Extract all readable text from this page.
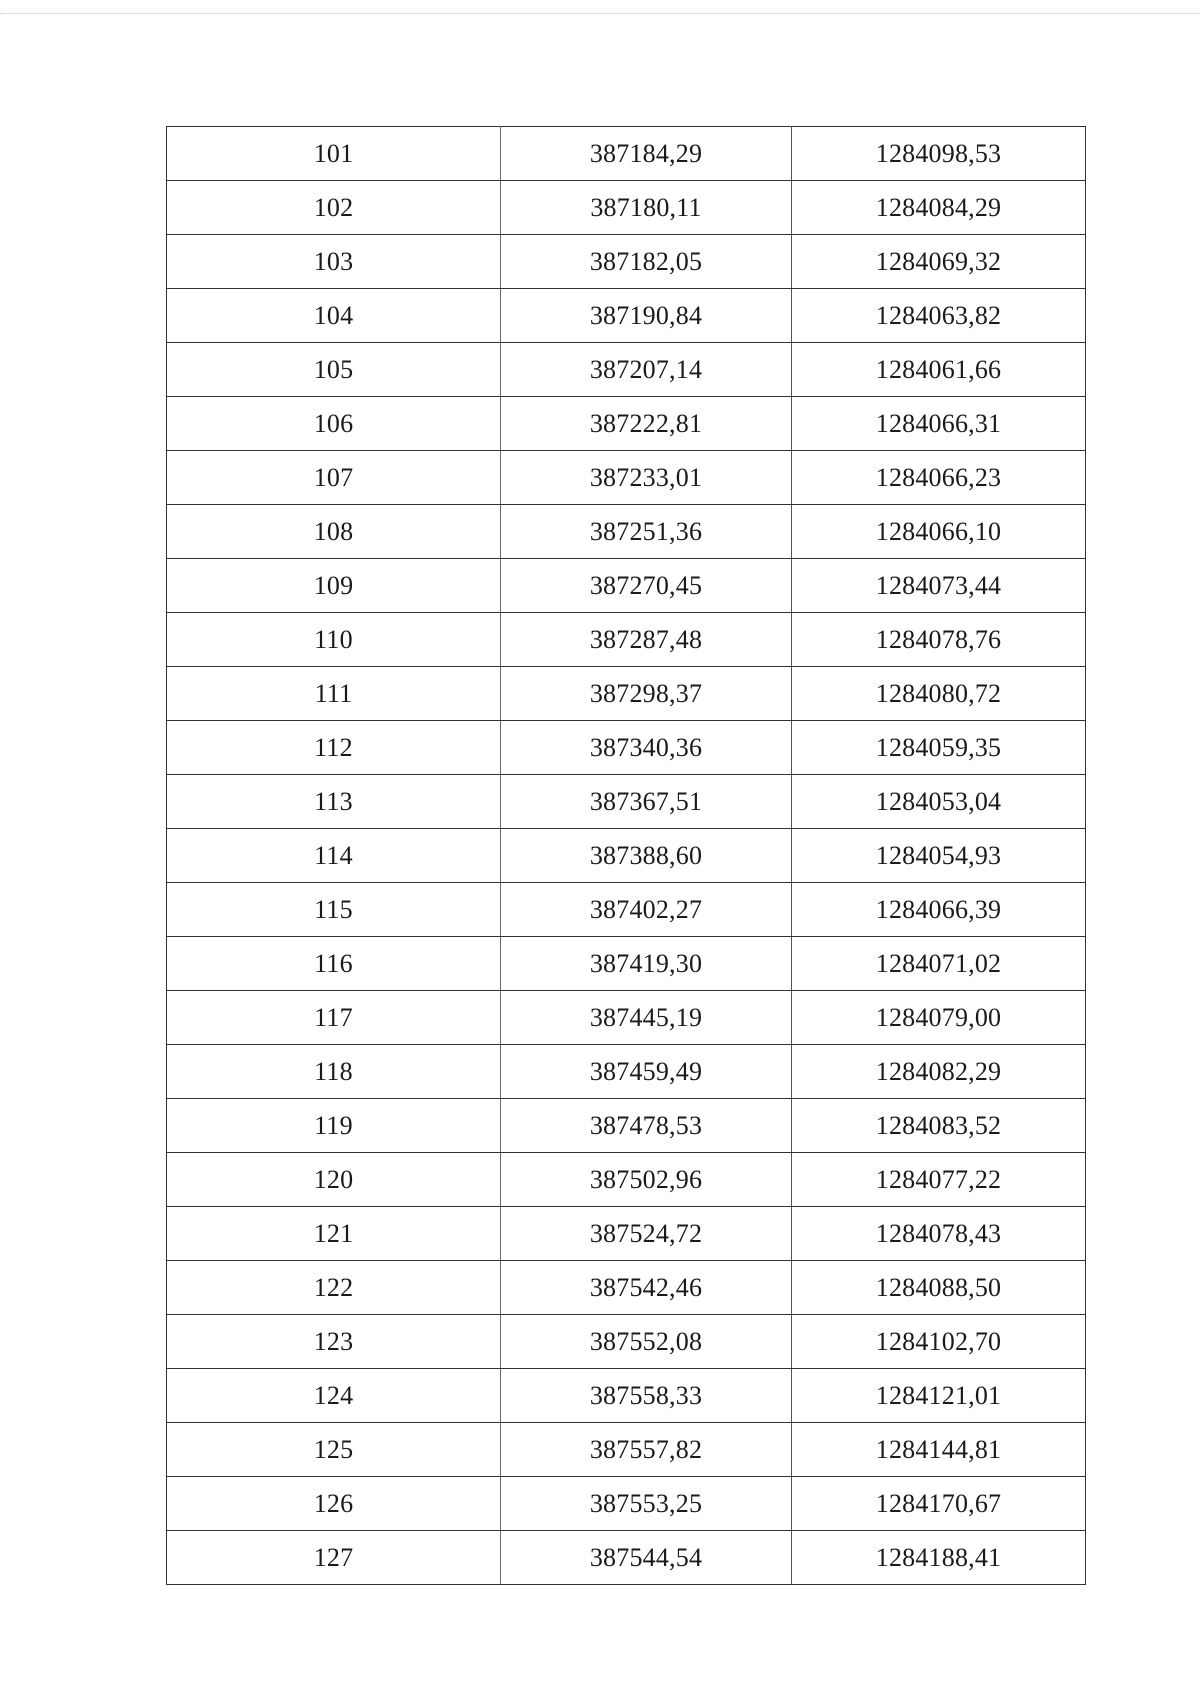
101	387184,29	1284098,53
102	387180,11	1284084,29
103	387182,05	1284069,32
104	387190,84	1284063,82
105	387207,14	1284061,66
106	387222,81	1284066,31
107	387233,01	1284066,23
108	387251,36	1284066,10
109	387270,45	1284073,44
110	387287,48	1284078,76
111	387298,37	1284080,72
112	387340,36	1284059,35
113	387367,51	1284053,04
114	387388,60	1284054,93
115	387402,27	1284066,39
116	387419,30	1284071,02
117	387445,19	1284079,00
118	387459,49	1284082,29
119	387478,53	1284083,52
120	387502,96	1284077,22
121	387524,72	1284078,43
122	387542,46	1284088,50
123	387552,08	1284102,70
124	387558,33	1284121,01
125	387557,82	1284144,81
126	387553,25	1284170,67
127	387544,54	1284188,41
